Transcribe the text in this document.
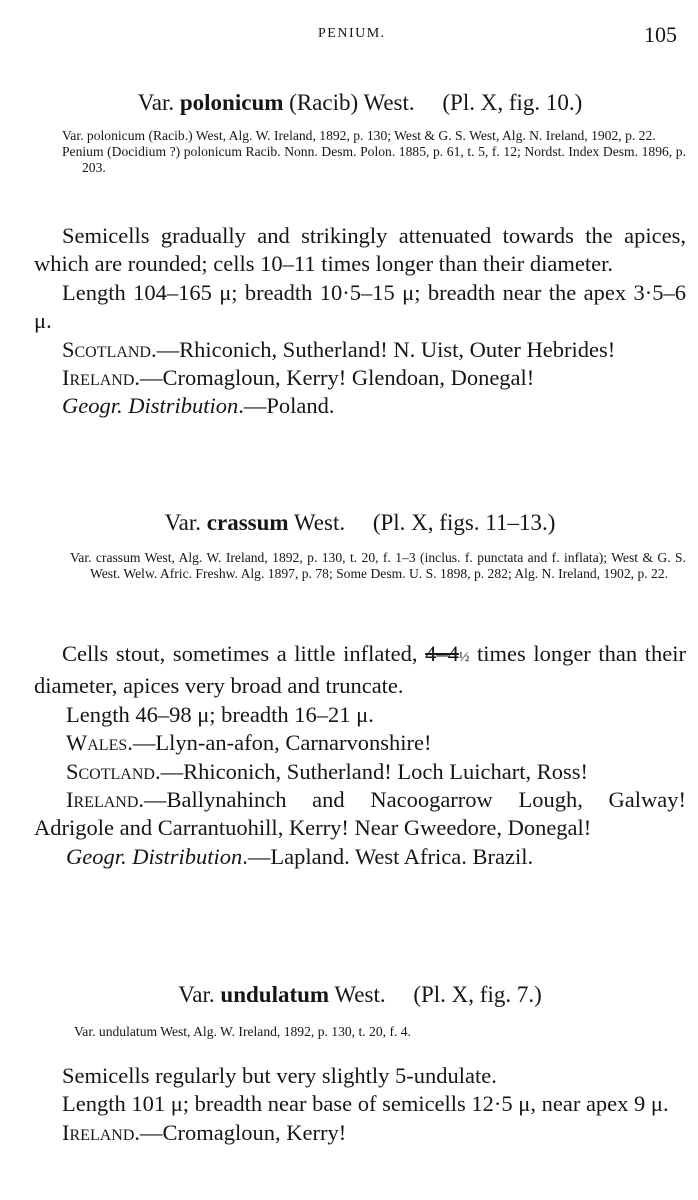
PENIUM.	105
Var. polonicum (Racib) West. (Pl. X, fig. 10.)

Var. polonicum (Racib.) West, Alg. W. Ireland, 1892, p. 130; West & G. S. West, Alg. N. Ireland, 1902, p. 22.

Penium (Docidium ?) polonicum Racib. Nonn. Desm. Polon. 1885, p. 61, t. 5, f. 12; Nordst. Index Desm. 1896, p. 203.

Semicells gradually and strikingly attenuated towards the apices, which are rounded; cells 10–11 times longer than their diameter.

Length 104–165 μ; breadth 10·5–15 μ; breadth near the apex 3·5–6 μ.

Scotland.—Rhiconich, Sutherland! N. Uist, Outer Hebrides!

Ireland.—Cromagloun, Kerry! Glendoan, Donegal!

Geogr. Distribution.—Poland.

Var. crassum West. (Pl. X, figs. 11–13.)

Var. crassum West, Alg. W. Ireland, 1892, p. 130, t. 20, f. 1–3 (inclus. f. punctata and f. inflata); West & G. S. West. Welw. Afric. Freshw. Alg. 1897, p. 78; Some Desm. U. S. 1898, p. 282; Alg. N. Ireland, 1902, p. 22.

Cells stout, sometimes a little inflated, 4–4½ times longer than their diameter, apices very broad and truncate.

Length 46–98 μ; breadth 16–21 μ.

Wales.—Llyn-an-afon, Carnarvonshire!

Scotland.—Rhiconich, Sutherland! Loch Luichart, Ross!

Ireland.—Ballynahinch and Nacoogarrow Lough, Galway! Adrigole and Carrantuohill, Kerry! Near Gweedore, Donegal!

Geogr. Distribution.—Lapland. West Africa. Brazil.

Var. undulatum West. (Pl. X, fig. 7.)

Var. undulatum West, Alg. W. Ireland, 1892, p. 130, t. 20, f. 4.

Semicells regularly but very slightly 5-undulate.

Length 101 μ; breadth near base of semicells 12·5 μ, near apex 9 μ.

Ireland.—Cromagloun, Kerry!
